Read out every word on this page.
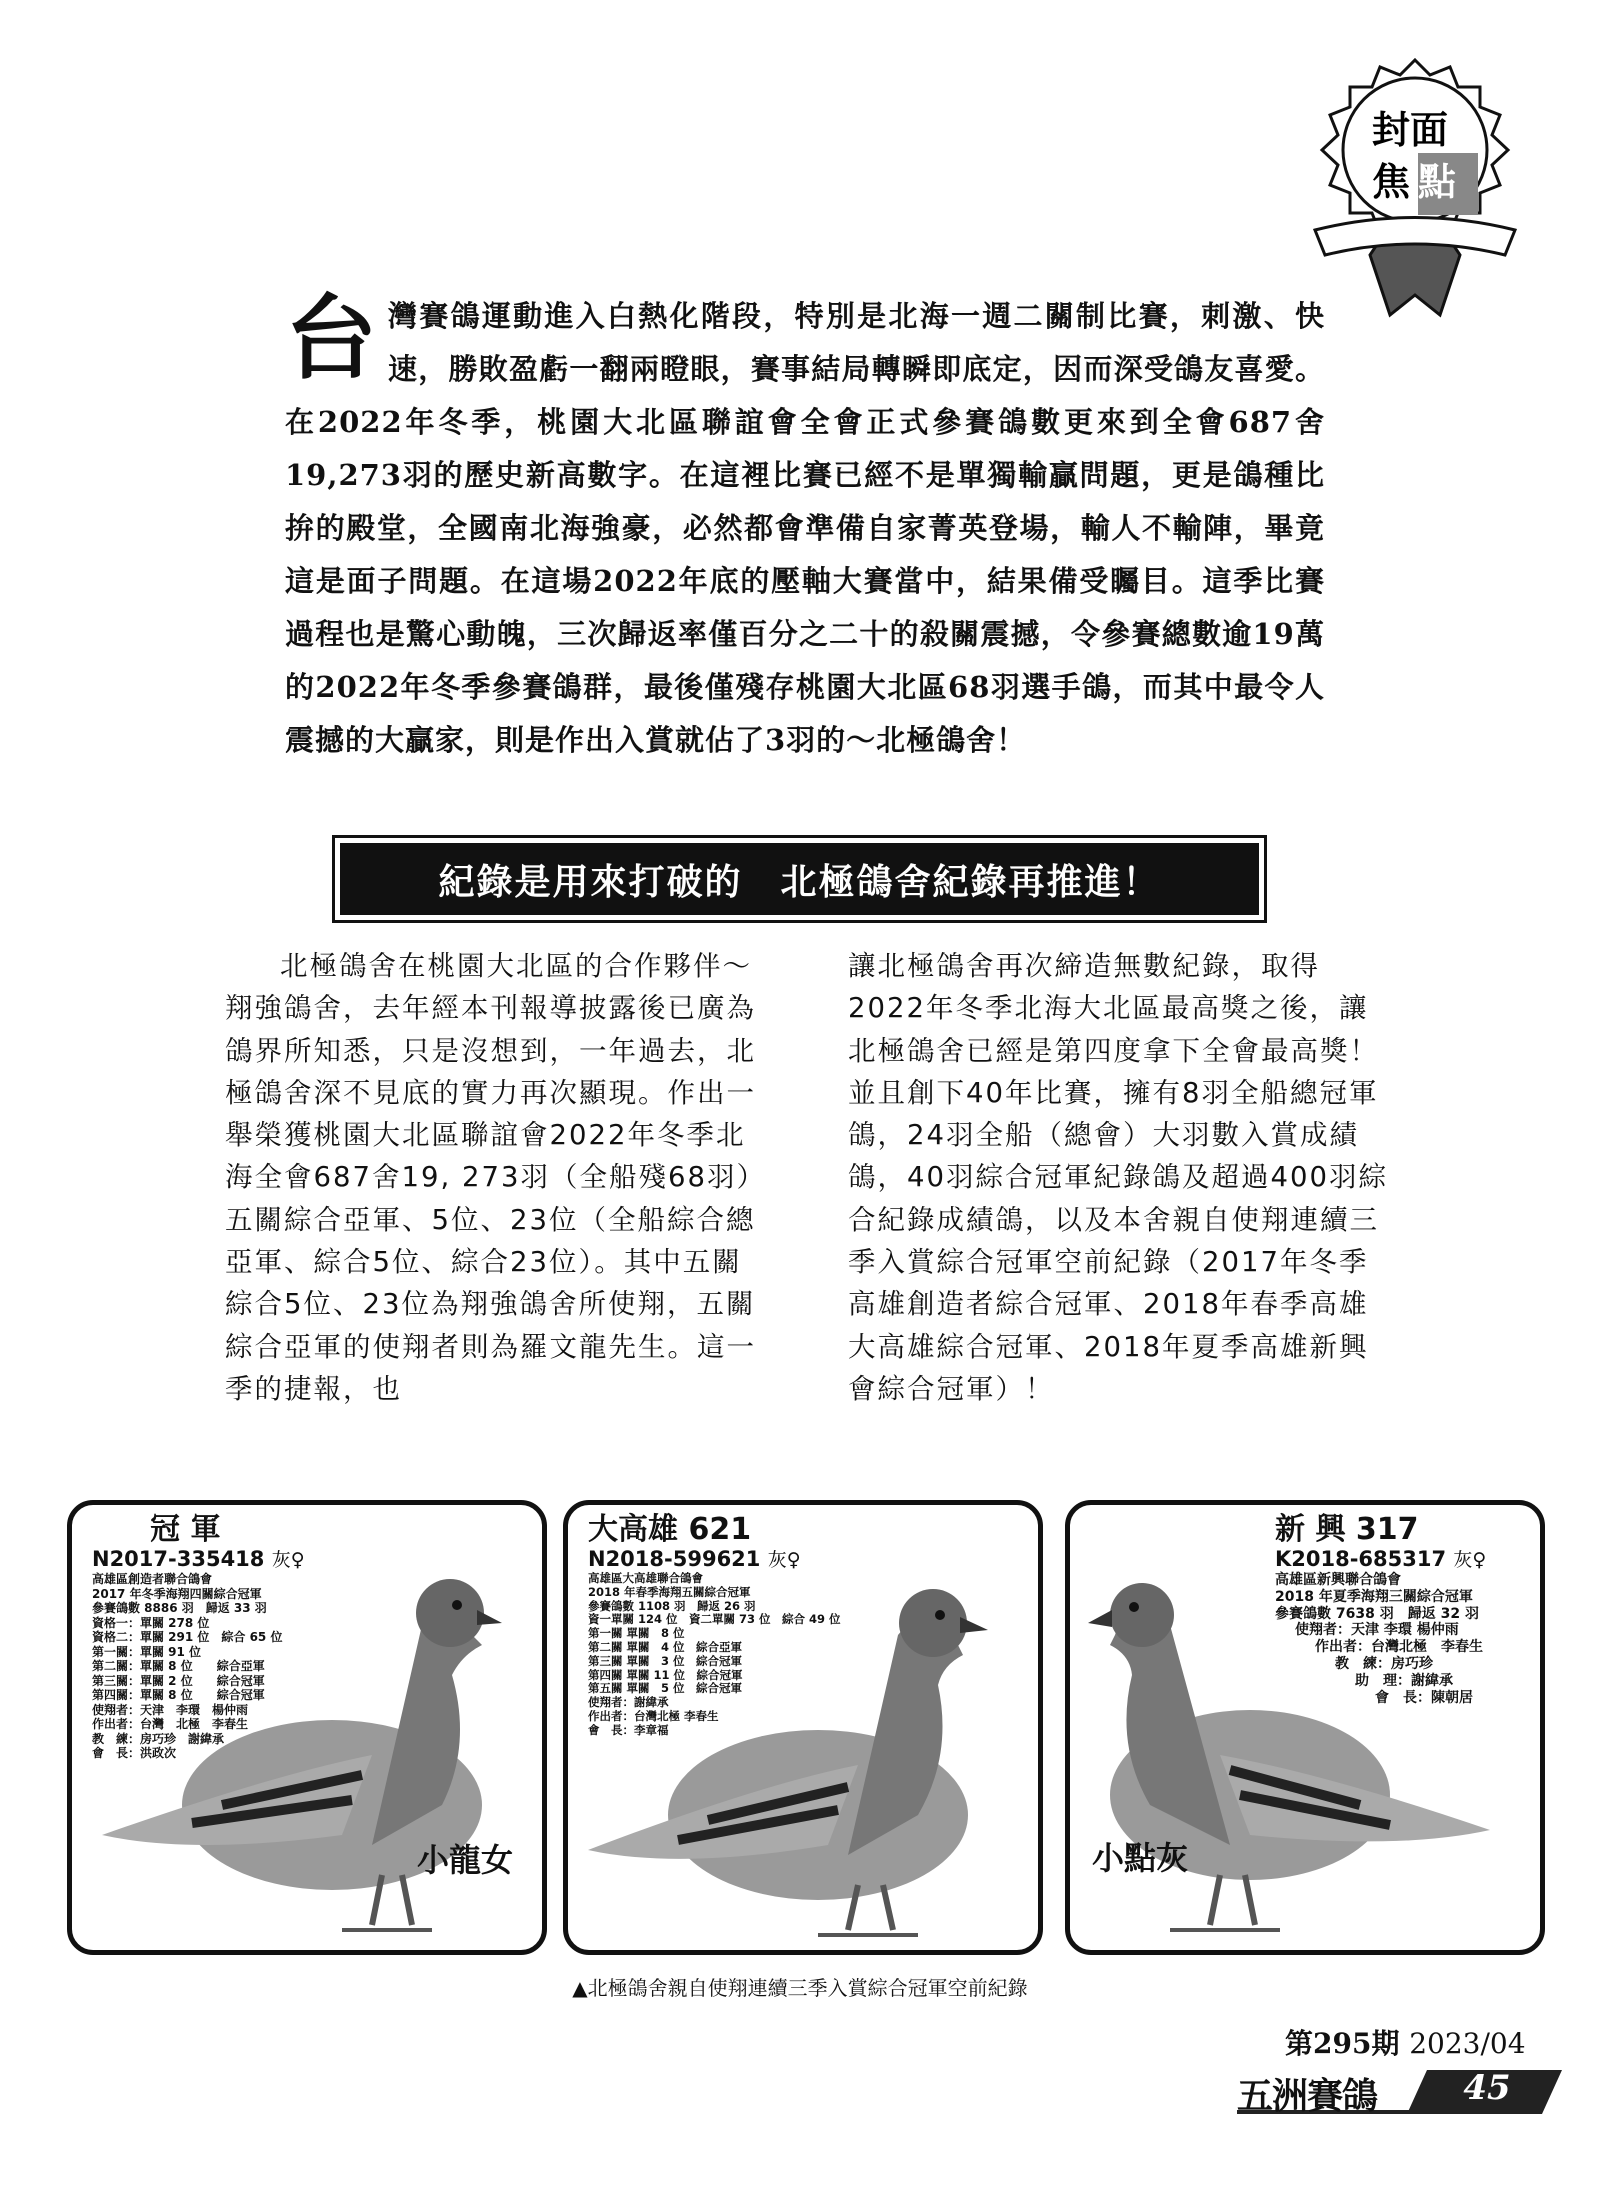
封面
焦 點
台 灣賽鴿運動進入白熱化階段，特別是北海一週二關制比賽，刺激、快速，勝敗盈虧一翻兩瞪眼，賽事結局轉瞬即底定，因而深受鴿友喜愛。在2022年冬季，桃園大北區聯誼會全會正式參賽鴿數更來到全會687舍19,273羽的歷史新高數字。在這裡比賽已經不是單獨輸贏問題，更是鴿種比拚的殿堂，全國南北海強豪，必然都會準備自家菁英登場，輸人不輸陣，畢竟這是面子問題。在這場2022年底的壓軸大賽當中，結果備受矚目。這季比賽過程也是驚心動魄，三次歸返率僅百分之二十的殺關震撼，令參賽總數逾19萬的2022年冬季參賽鴿群，最後僅殘存桃園大北區68羽選手鴿，而其中最令人震撼的大贏家，則是作出入賞就佔了3羽的～北極鴿舍！
紀錄是用來打破的　北極鴿舍紀錄再推進！
北極鴿舍在桃園大北區的合作夥伴～翔強鴿舍，去年經本刊報導披露後已廣為鴿界所知悉，只是沒想到，一年過去，北極鴿舍深不見底的實力再次顯現。作出一舉榮獲桃園大北區聯誼會2022年冬季北海全會687舍19, 273羽（全船殘68羽）五關綜合亞軍、5位、23位（全船綜合總亞軍、綜合5位、綜合23位）。其中五關綜合5位、23位為翔強鴿舍所使翔，五關綜合亞軍的使翔者則為羅文龍先生。這一季的捷報，也
讓北極鴿舍再次締造無數紀錄，取得2022年冬季北海大北區最高獎之後，讓北極鴿舍已經是第四度拿下全會最高獎！並且創下40年比賽，擁有8羽全船總冠軍鴿，24羽全船（總會）大羽數入賞成績鴿，40羽綜合冠軍紀錄鴿及超過400羽綜合紀錄成績鴿，以及本舍親自使翔連續三季入賞綜合冠軍空前紀錄（2017年冬季高雄創造者綜合冠軍、2018年春季高雄大高雄綜合冠軍、2018年夏季高雄新興會綜合冠軍）！
冠 軍
N2017-335418 灰♀
高雄區創造者聯合鴿會
2017 年冬季海翔四關綜合冠軍
參賽鴿數 8886 羽　歸返 33 羽
資格一：單關 278 位
資格二：單關 291 位　綜合 65 位
第一關：單關 91 位
第二關：單關 8 位　　綜合亞軍
第三關：單關 2 位　　綜合冠軍
第四關：單關 8 位　　綜合冠軍
使翔者：天津　李環　楊仲雨
作出者：台灣　北極　李春生
教　練：房巧珍　謝緯承
會　長：洪政次
小龍女
大高雄 621
N2018-599621 灰♀
高雄區大高雄聯合鴿會
2018 年春季海翔五關綜合冠軍
參賽鴿數 1108 羽　歸返 26 羽
資一單關 124 位　資二單關 73 位　綜合 49 位
第一關 單關　8 位
第二關 單關　4 位　綜合亞軍
第三關 單關　3 位　綜合冠軍
第四關 單關 11 位　綜合冠軍
第五關 單關　5 位　綜合冠軍
使翔者：謝緯承
作出者：台灣北極 李春生
會　長：李章福
新 興 317
K2018-685317 灰♀
高雄區新興聯合鴿會
2018 年夏季海翔三關綜合冠軍
參賽鴿數 7638 羽　歸返 32 羽
使翔者：天津 李環 楊仲雨
作出者：台灣北極　李春生
教　練：房巧珍
助　理：謝緯承
會　長：陳朝居
小點灰
▲北極鴿舍親自使翔連續三季入賞綜合冠軍空前紀錄
第295期 2023/04
五洲賽鴿	45
